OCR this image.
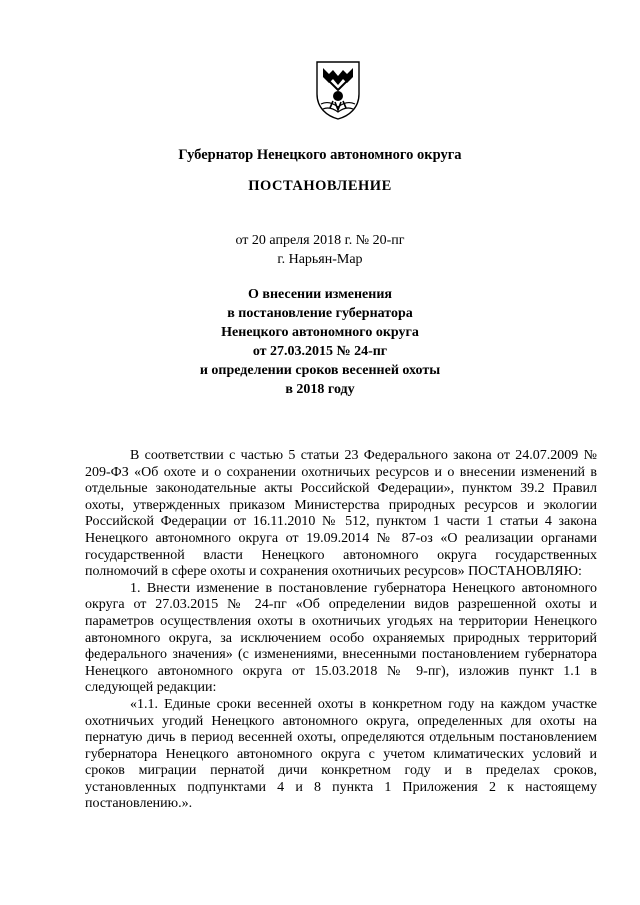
Губернатор Ненецкого автономного округа
ПОСТАНОВЛЕНИЕ
от 20 апреля 2018 г. № 20-пг
г. Нарьян-Мар
О внесении изменения
в постановление губернатора
Ненецкого автономного округа
от 27.03.2015 № 24-пг
и определении сроков весенней охоты
в 2018 году

В соответствии с частью 5 статьи 23 Федерального закона от 24.07.2009 № 209-ФЗ «Об охоте и о сохранении охотничьих ресурсов и о внесении изменений в отдельные законодательные акты Российской Федерации», пунктом 39.2 Правил охоты, утвержденных приказом Министерства природных ресурсов и экологии Российской Федерации от 16.11.2010 № 512, пунктом 1 части 1 статьи 4 закона Ненецкого автономного округа от 19.09.2014 № 87-оз «О реализации органами государственной власти Ненецкого автономного округа государственных полномочий в сфере охоты и сохранения охотничьих ресурсов» ПОСТАНОВЛЯЮ:

1. Внести изменение в постановление губернатора Ненецкого автономного округа от 27.03.2015 № 24-пг «Об определении видов разрешенной охоты и параметров осуществления охоты в охотничьих угодьях на территории Ненецкого автономного округа, за исключением особо охраняемых природных территорий федерального значения» (с изменениями, внесенными постановлением губернатора Ненецкого автономного округа от 15.03.2018 № 9-пг), изложив пункт 1.1 в следующей редакции:

«1.1. Единые сроки весенней охоты в конкретном году на каждом участке охотничьих угодий Ненецкого автономного округа, определенных для охоты на пернатую дичь в период весенней охоты, определяются отдельным постановлением губернатора Ненецкого автономного округа с учетом климатических условий и сроков миграции пернатой дичи конкретном году и в пределах сроков, установленных подпунктами 4 и 8 пункта 1 Приложения 2 к настоящему постановлению.».
